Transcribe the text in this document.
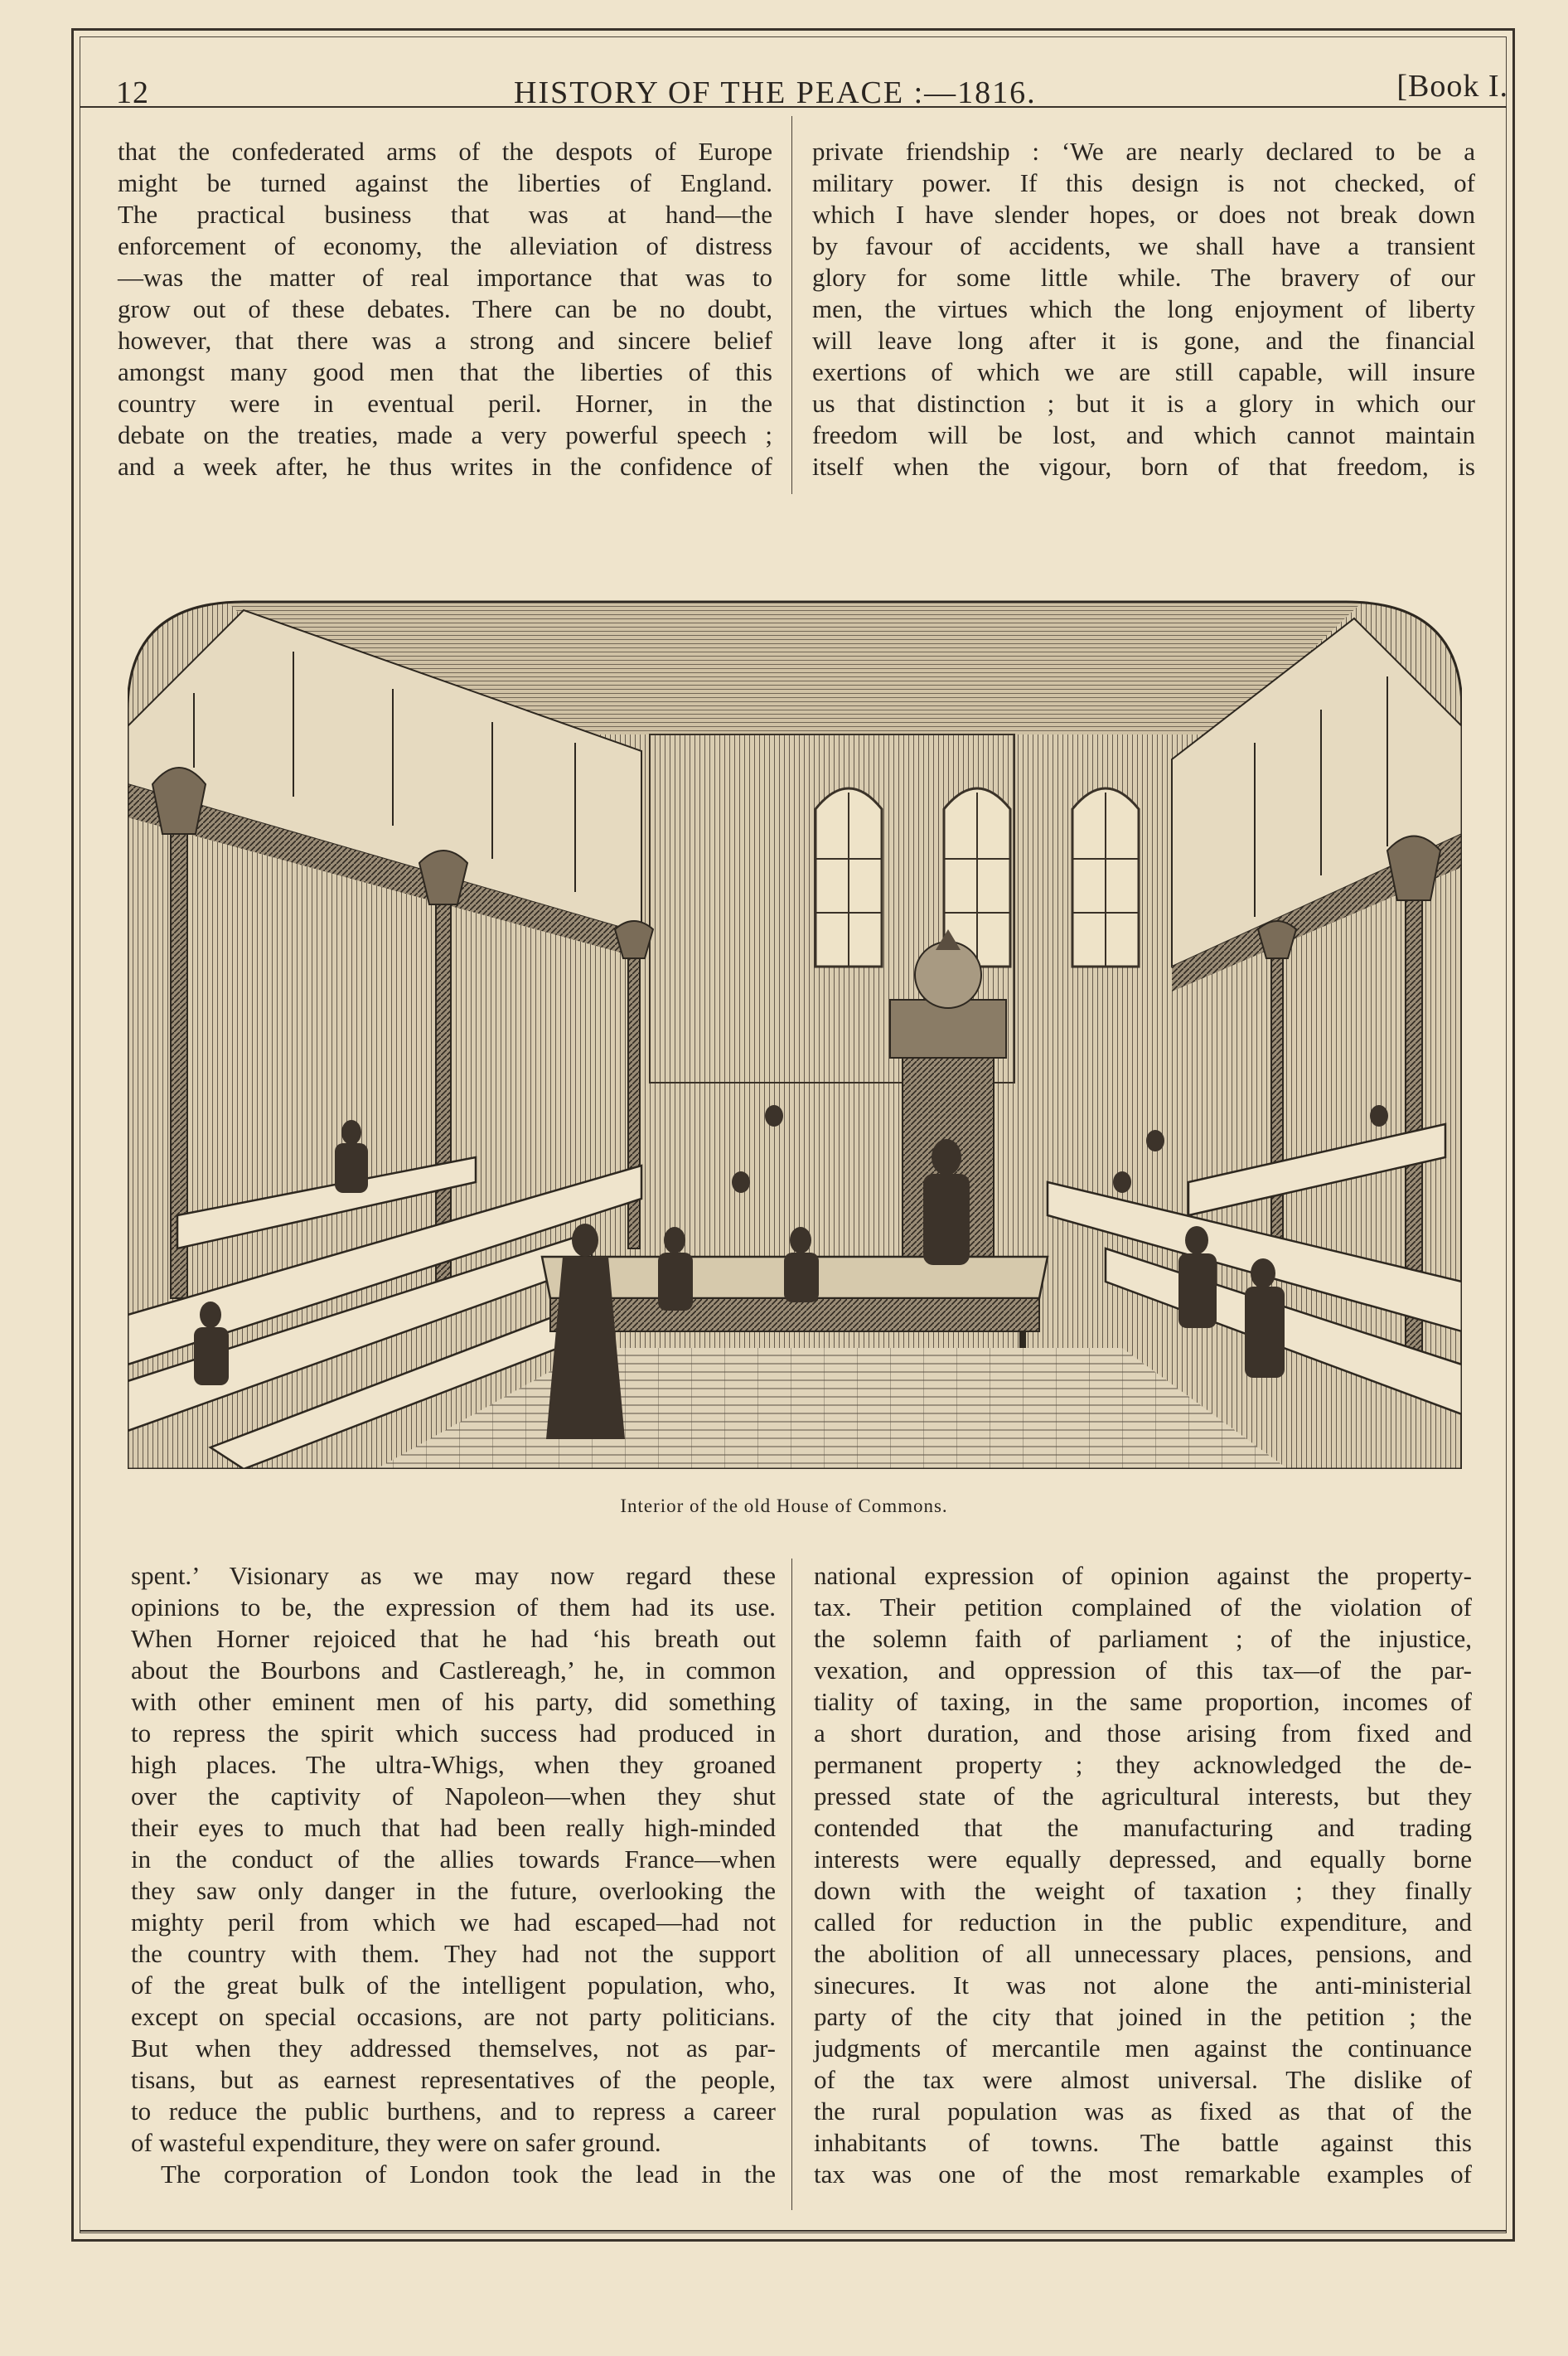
12	HISTORY OF THE PEACE :—1816.	[Book I.

that the confederated arms of the despots of Europe

might be turned against the liberties of England.

The practical business that was at hand—the

enforcement of economy, the alleviation of distress

—was the matter of real importance that was to

grow out of these debates. There can be no doubt,

however, that there was a strong and sincere belief

amongst many good men that the liberties of this

country were in eventual peril. Horner, in the

debate on the treaties, made a very powerful speech ;

and a week after, he thus writes in the confidence of

private friendship : ‘We are nearly declared to be a

military power. If this design is not checked, of

which I have slender hopes, or does not break down

by favour of accidents, we shall have a transient

glory for some little while. The bravery of our

men, the virtues which the long enjoyment of liberty

will leave long after it is gone, and the financial

exertions of which we are still capable, will insure

us that distinction ; but it is a glory in which our

freedom will be lost, and which cannot maintain

itself when the vigour, born of that freedom, is

Interior of the old House of Commons.

spent.’ Visionary as we may now regard these

opinions to be, the expression of them had its use.

When Horner rejoiced that he had ‘his breath out

about the Bourbons and Castlereagh,’ he, in common

with other eminent men of his party, did something

to repress the spirit which success had produced in

high places. The ultra-Whigs, when they groaned

over the captivity of Napoleon—when they shut

their eyes to much that had been really high-minded

in the conduct of the allies towards France—when

they saw only danger in the future, overlooking the

mighty peril from which we had escaped—had not

the country with them. They had not the support

of the great bulk of the intelligent population, who,

except on special occasions, are not party politicians.

But when they addressed themselves, not as par-

tisans, but as earnest representatives of the people,

to reduce the public burthens, and to repress a career

of wasteful expenditure, they were on safer ground.

The corporation of London took the lead in the

national expression of opinion against the property-

tax. Their petition complained of the violation of

the solemn faith of parliament ; of the injustice,

vexation, and oppression of this tax—of the par-

tiality of taxing, in the same proportion, incomes of

a short duration, and those arising from fixed and

permanent property ; they acknowledged the de-

pressed state of the agricultural interests, but they

contended that the manufacturing and trading

interests were equally depressed, and equally borne

down with the weight of taxation ; they finally

called for reduction in the public expenditure, and

the abolition of all unnecessary places, pensions, and

sinecures. It was not alone the anti-ministerial

party of the city that joined in the petition ; the

judgments of mercantile men against the continuance

of the tax were almost universal. The dislike of

the rural population was as fixed as that of the

inhabitants of towns. The battle against this

tax was one of the most remarkable examples of
